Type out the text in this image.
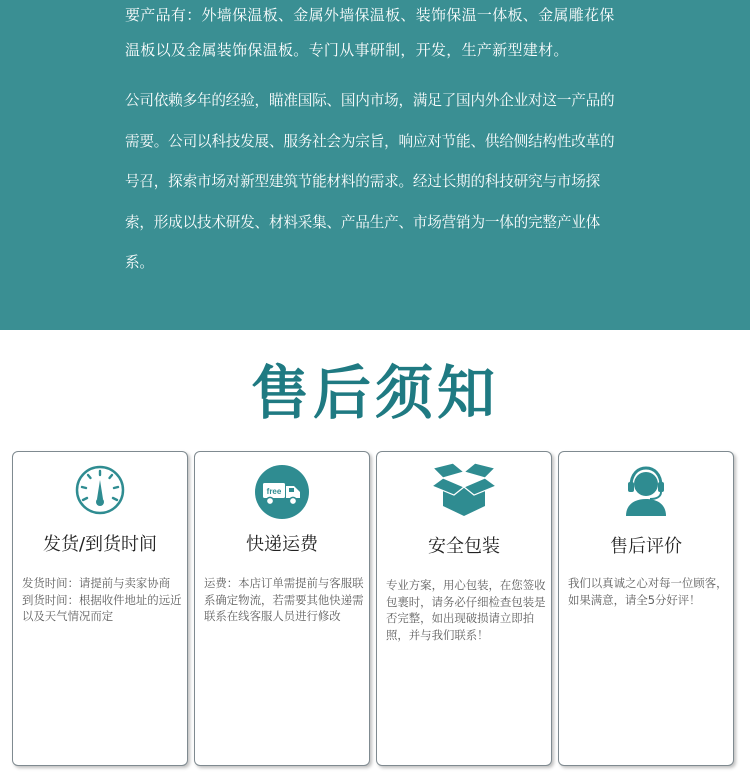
要产品有：外墙保温板、金属外墙保温板、装饰保温一体板、金属雕花保温板以及金属装饰保温板。专门从事研制，开发，生产新型建材。

公司依赖多年的经验，瞄准国际、国内市场，满足了国内外企业对这一产品的需要。公司以科技发展、服务社会为宗旨，响应对节能、供给侧结构性改革的号召，探索市场对新型建筑节能材料的需求。经过长期的科技研究与市场探索，形成以技术研发、材料采集、产品生产、市场营销为一体的完整产业体系。

售后须知
发货/到货时间
发货时间：请提前与卖家协商
到货时间：根据收件地址的远近以及天气情况而定
free
快递运费
运费：本店订单需提前与客服联系确定物流，若需要其他快递需联系在线客服人员进行修改
安全包装
专业方案，用心包装，在您签收包裹时，请务必仔细检查包装是否完整，如出现破损请立即拍照，并与我们联系！
售后评价
我们以真诚之心对每一位顾客，如果满意，请全5分好评！
